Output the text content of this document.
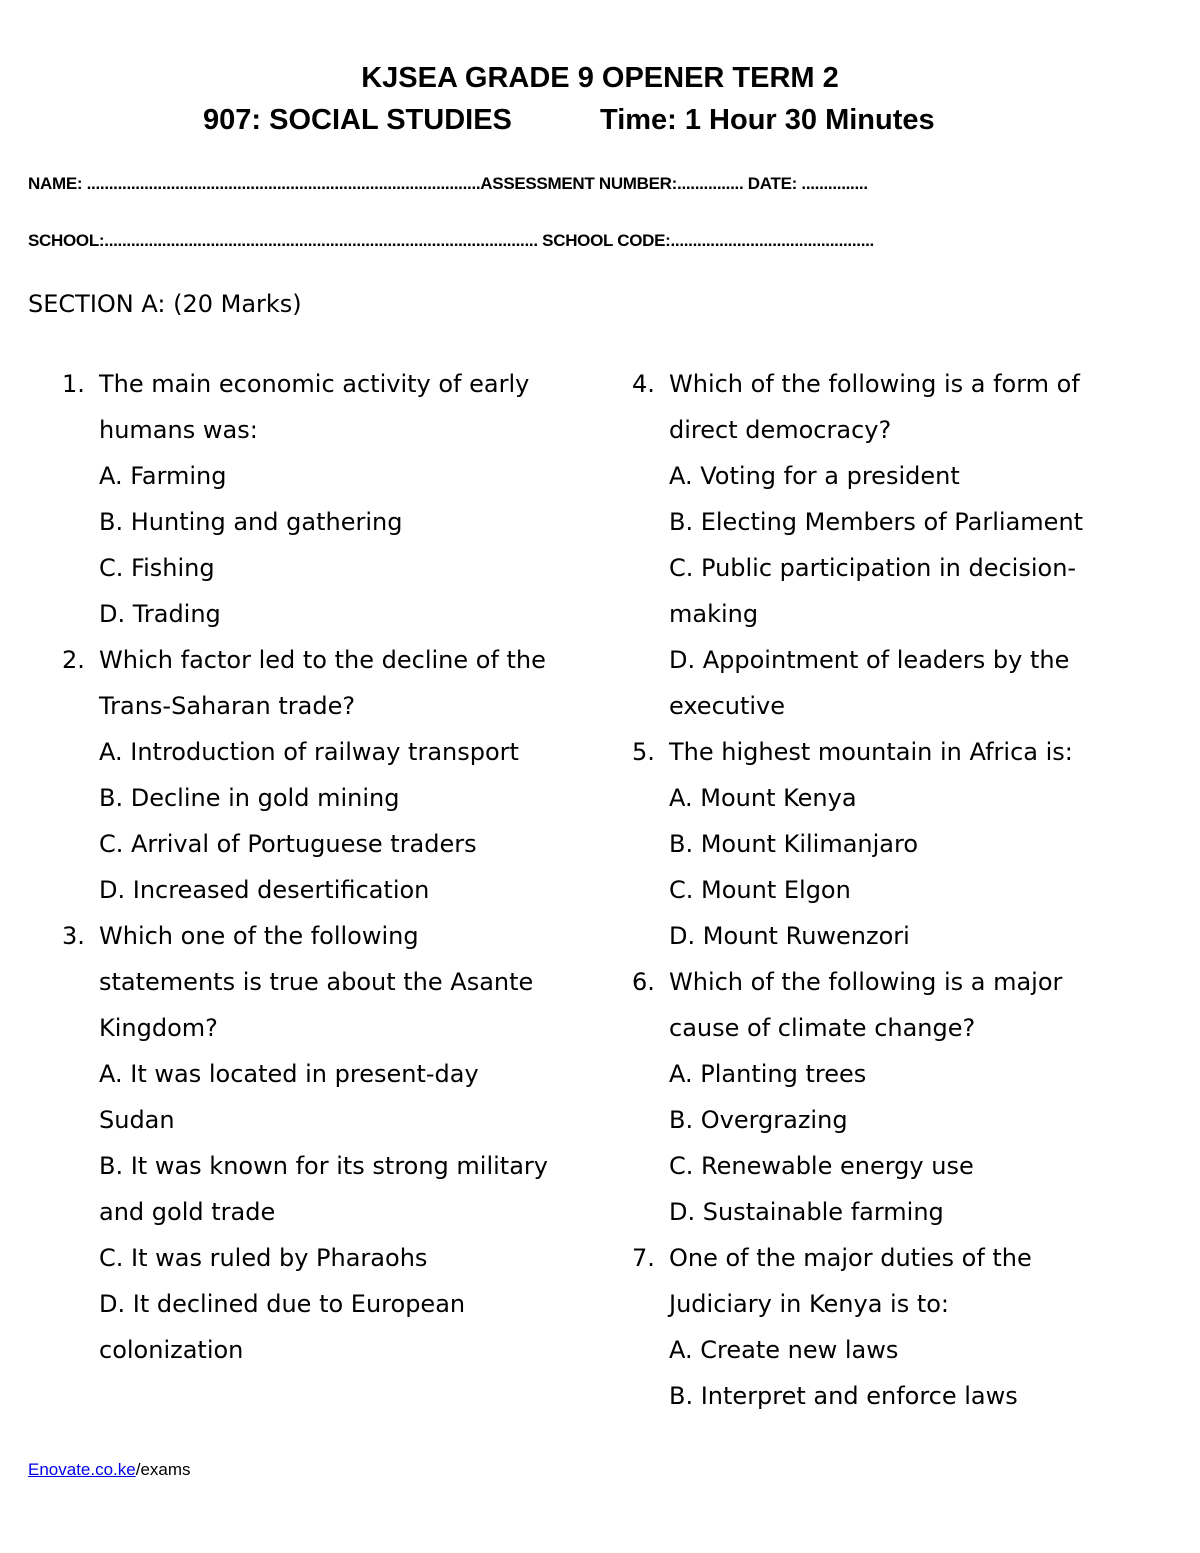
KJSEA GRADE 9 OPENER TERM 2
907: SOCIAL STUDIES	Time: 1 Hour 30 Minutes
NAME: .........................................................................................ASSESSMENT NUMBER:............... DATE: ...............
SCHOOL:.................................................................................................. SCHOOL CODE:..............................................
SECTION A: (20 Marks)
1. The main economic activity of early
humans was:
A. Farming
B. Hunting and gathering
C. Fishing
D. Trading
2. Which factor led to the decline of the
Trans-Saharan trade?
A. Introduction of railway transport
B. Decline in gold mining
C. Arrival of Portuguese traders
D. Increased desertification
3. Which one of the following
statements is true about the Asante
Kingdom?
A. It was located in present-day
Sudan
B. It was known for its strong military
and gold trade
C. It was ruled by Pharaohs
D. It declined due to European
colonization
4. Which of the following is a form of
direct democracy?
A. Voting for a president
B. Electing Members of Parliament
C. Public participation in decision-
making
D. Appointment of leaders by the
executive
5. The highest mountain in Africa is:
A. Mount Kenya
B. Mount Kilimanjaro
C. Mount Elgon
D. Mount Ruwenzori
6. Which of the following is a major
cause of climate change?
A. Planting trees
B. Overgrazing
C. Renewable energy use
D. Sustainable farming
7. One of the major duties of the
Judiciary in Kenya is to:
A. Create new laws
B. Interpret and enforce laws
Enovate.co.ke/exams
